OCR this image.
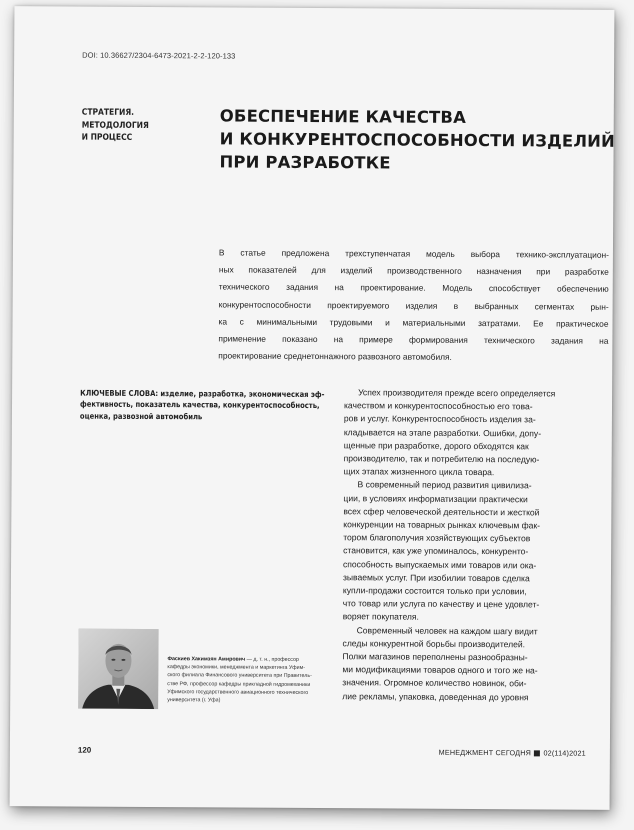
DOI: 10.36627/2304-6473-2021-2-2-120-133
СТРАТЕГИЯ.
МЕТОДОЛОГИЯ
И ПРОЦЕСС
ОБЕСПЕЧЕНИЕ КАЧЕСТВА
И КОНКУРЕНТОСПОСОБНОСТИ ИЗДЕЛИЙ
ПРИ РАЗРАБОТКЕ
В статье предложена трехступенчатая модель выбора технико-эксплуатацион-
ных показателей для изделий производственного назначения при разработке
технического задания на проектирование. Модель способствует обеспечению
конкурентоспособности проектируемого изделия в выбранных сегментах рын-
ка с минимальными трудовыми и материальными затратами. Ее практическое
применение показано на примере формирования технического задания на
проектирование среднетоннажного развозного автомобиля.
КЛЮЧЕВЫЕ СЛОВА: изделие, разработка, экономическая эф-
фективность, показатель качества, конкурентоспособность,
оценка, развозной автомобиль
Успех производителя прежде всего определяется
качеством и конкурентоспособностью его това-
ров и услуг. Конкурентоспособность изделия за-
кладывается на этапе разработки. Ошибки, допу-
щенные при разработке, дорого обходятся как
производителю, так и потребителю на последую-
щих этапах жизненного цикла товара.
В современный период развития цивилиза-
ции, в условиях информатизации практически
всех сфер человеческой деятельности и жесткой
конкуренции на товарных рынках ключевым фак-
тором благополучия хозяйствующих субъектов
становится, как уже упоминалось, конкуренто-
способность выпускаемых ими товаров или ока-
зываемых услуг. При изобилии товаров сделка
купли-продажи состоится только при условии,
что товар или услуга по качеству и цене удовлет-
воряет покупателя.
Современный человек на каждом шагу видит
следы конкурентной борьбы производителей.
Полки магазинов переполнены разнообразны-
ми модификациями товаров одного и того же на-
значения. Огромное количество новинок, оби-
лие рекламы, упаковка, доведенная до уровня
Фаскиев Хакимзян Амирович — д. т. н., профессор
кафедры экономики, менеджмента и маркетинга Уфим-
ского филиала Финансового университета при Правитель-
стве РФ, профессор кафедры прикладной гидромеханики
Уфимского государственного авиационного технического
университета (г. Уфа)
120	МЕНЕДЖМЕНТ СЕГОДНЯ 02(114)2021
